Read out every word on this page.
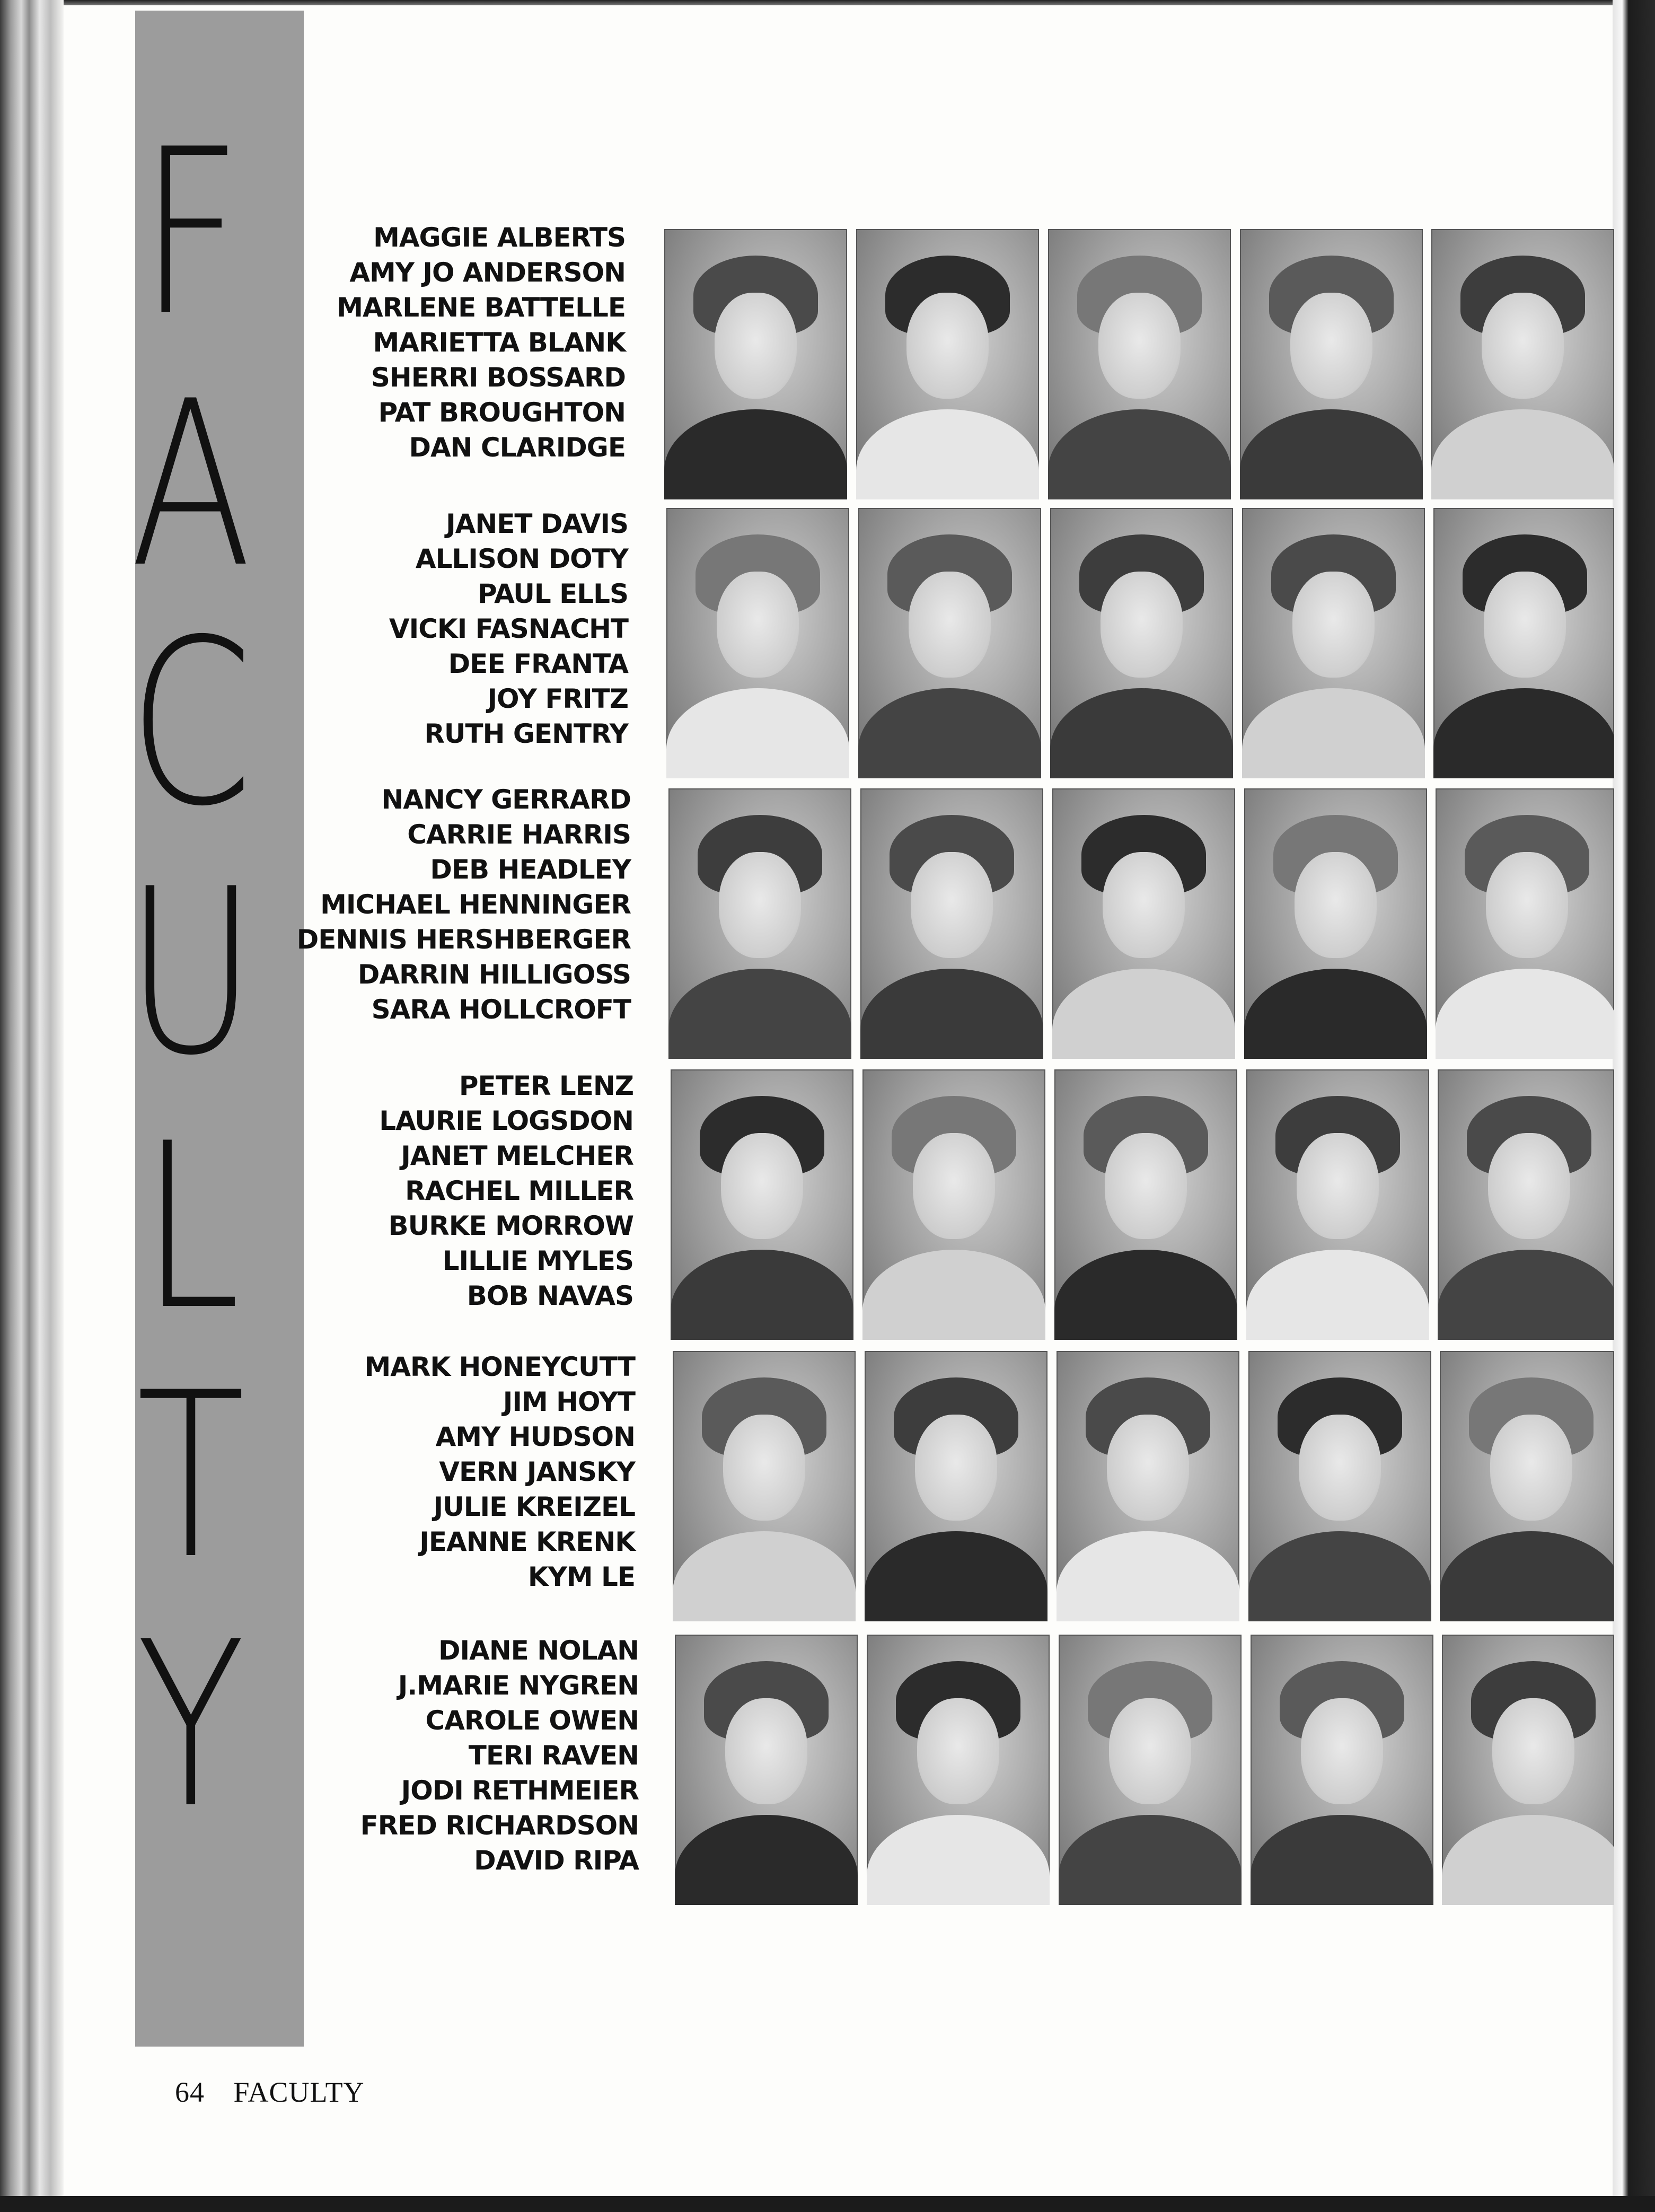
F
A
C
U
L
T
Y
MAGGIE ALBERTS
AMY JO ANDERSON
MARLENE BATTELLE
MARIETTA BLANK
SHERRI BOSSARD
PAT BROUGHTON
DAN CLARIDGE
JANET DAVIS
ALLISON DOTY
PAUL ELLS
VICKI FASNACHT
DEE FRANTA
JOY FRITZ
RUTH GENTRY
NANCY GERRARD
CARRIE HARRIS
DEB HEADLEY
MICHAEL HENNINGER
DENNIS HERSHBERGER
DARRIN HILLIGOSS
SARA HOLLCROFT
PETER LENZ
LAURIE LOGSDON
JANET MELCHER
RACHEL MILLER
BURKE MORROW
LILLIE MYLES
BOB NAVAS
MARK HONEYCUTT
JIM HOYT
AMY HUDSON
VERN JANSKY
JULIE KREIZEL
JEANNE KRENK
KYM LE
DIANE NOLAN
J.MARIE NYGREN
CAROLE OWEN
TERI RAVEN
JODI RETHMEIER
FRED RICHARDSON
DAVID RIPA
64 FACULTY
